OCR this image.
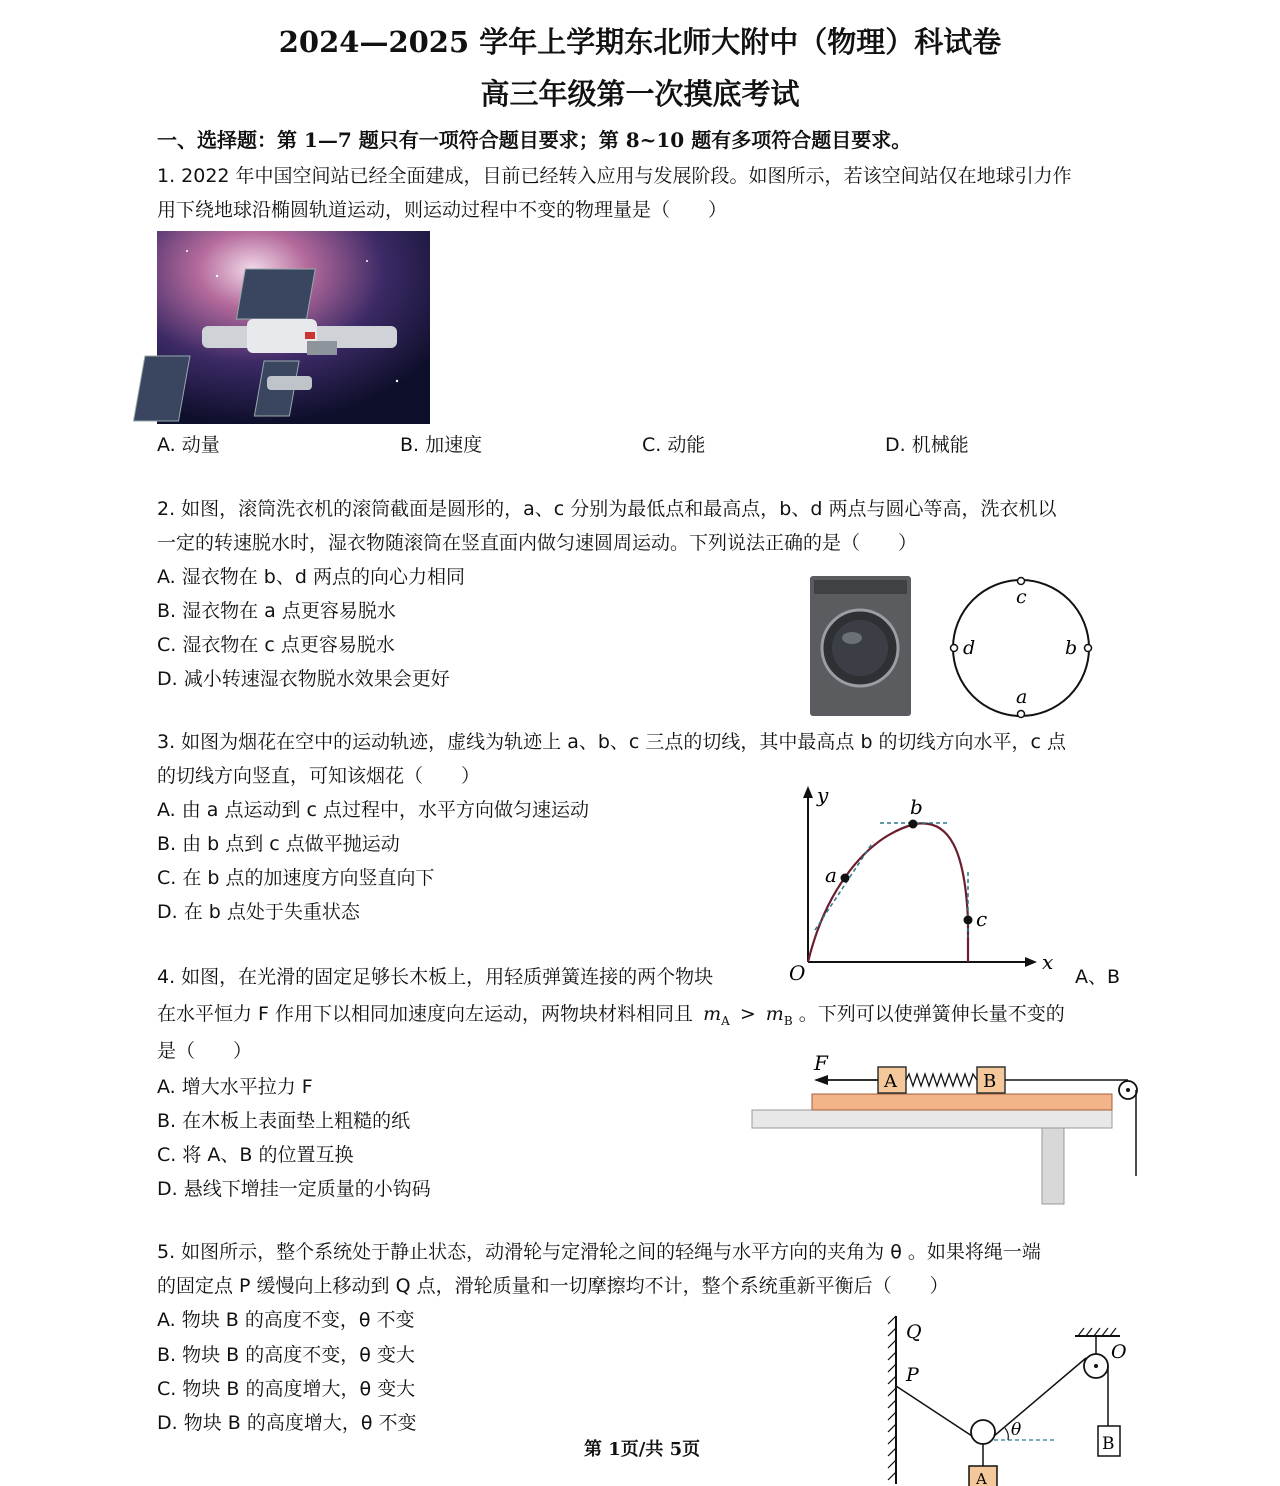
2024—2025 学年上学期东北师大附中（物理）科试卷
高三年级第一次摸底考试
一、选择题：第 1—7 题只有一项符合题目要求；第 8~10 题有多项符合题目要求。
1. 2022 年中国空间站已经全面建成，目前已经转入应用与发展阶段。如图所示，若该空间站仅在地球引力作
用下绕地球沿椭圆轨道运动，则运动过程中不变的物理量是（　　）
A. 动量	B. 加速度	C. 动能	D. 机械能
2. 如图，滚筒洗衣机的滚筒截面是圆形的，a、c 分别为最低点和最高点，b、d 两点与圆心等高，洗衣机以
一定的转速脱水时，湿衣物随滚筒在竖直面内做匀速圆周运动。下列说法正确的是（　　）
A. 湿衣物在 b、d 两点的向心力相同
B. 湿衣物在 a 点更容易脱水
C. 湿衣物在 c 点更容易脱水
D. 减小转速湿衣物脱水效果会更好
c
a
d	b
3. 如图为烟花在空中的运动轨迹，虚线为轨迹上 a、b、c 三点的切线，其中最高点 b 的切线方向水平，c 点
的切线方向竖直，可知该烟花（　　）
A. 由 a 点运动到 c 点过程中，水平方向做匀速运动
B. 由 b 点到 c 点做平抛运动
C. 在 b 点的加速度方向竖直向下
D. 在 b 点处于失重状态
y
x
O
a
b
c
4. 如图，在光滑的固定足够长木板上，用轻质弹簧连接的两个物块	A、B
在水平恒力 F 作用下以相同加速度向左运动，两物块材料相同且 $m_A > m_B$ 。下列可以使弹簧伸长量不变的
是（　　）
A. 增大水平拉力 F
B. 在木板上表面垫上粗糙的纸
C. 将 A、B 的位置互换
D. 悬线下增挂一定质量的小钩码
F
A	B
5. 如图所示，整个系统处于静止状态，动滑轮与定滑轮之间的轻绳与水平方向的夹角为 θ 。如果将绳一端
的固定点 P 缓慢向上移动到 Q 点，滑轮质量和一切摩擦均不计，整个系统重新平衡后（　　）
A. 物块 B 的高度不变，θ 不变
B. 物块 B 的高度不变，θ 变大
C. 物块 B 的高度增大，θ 变大
D. 物块 B 的高度增大，θ 不变
Q
P
O
θ
B
A
第 1页/共 5页
